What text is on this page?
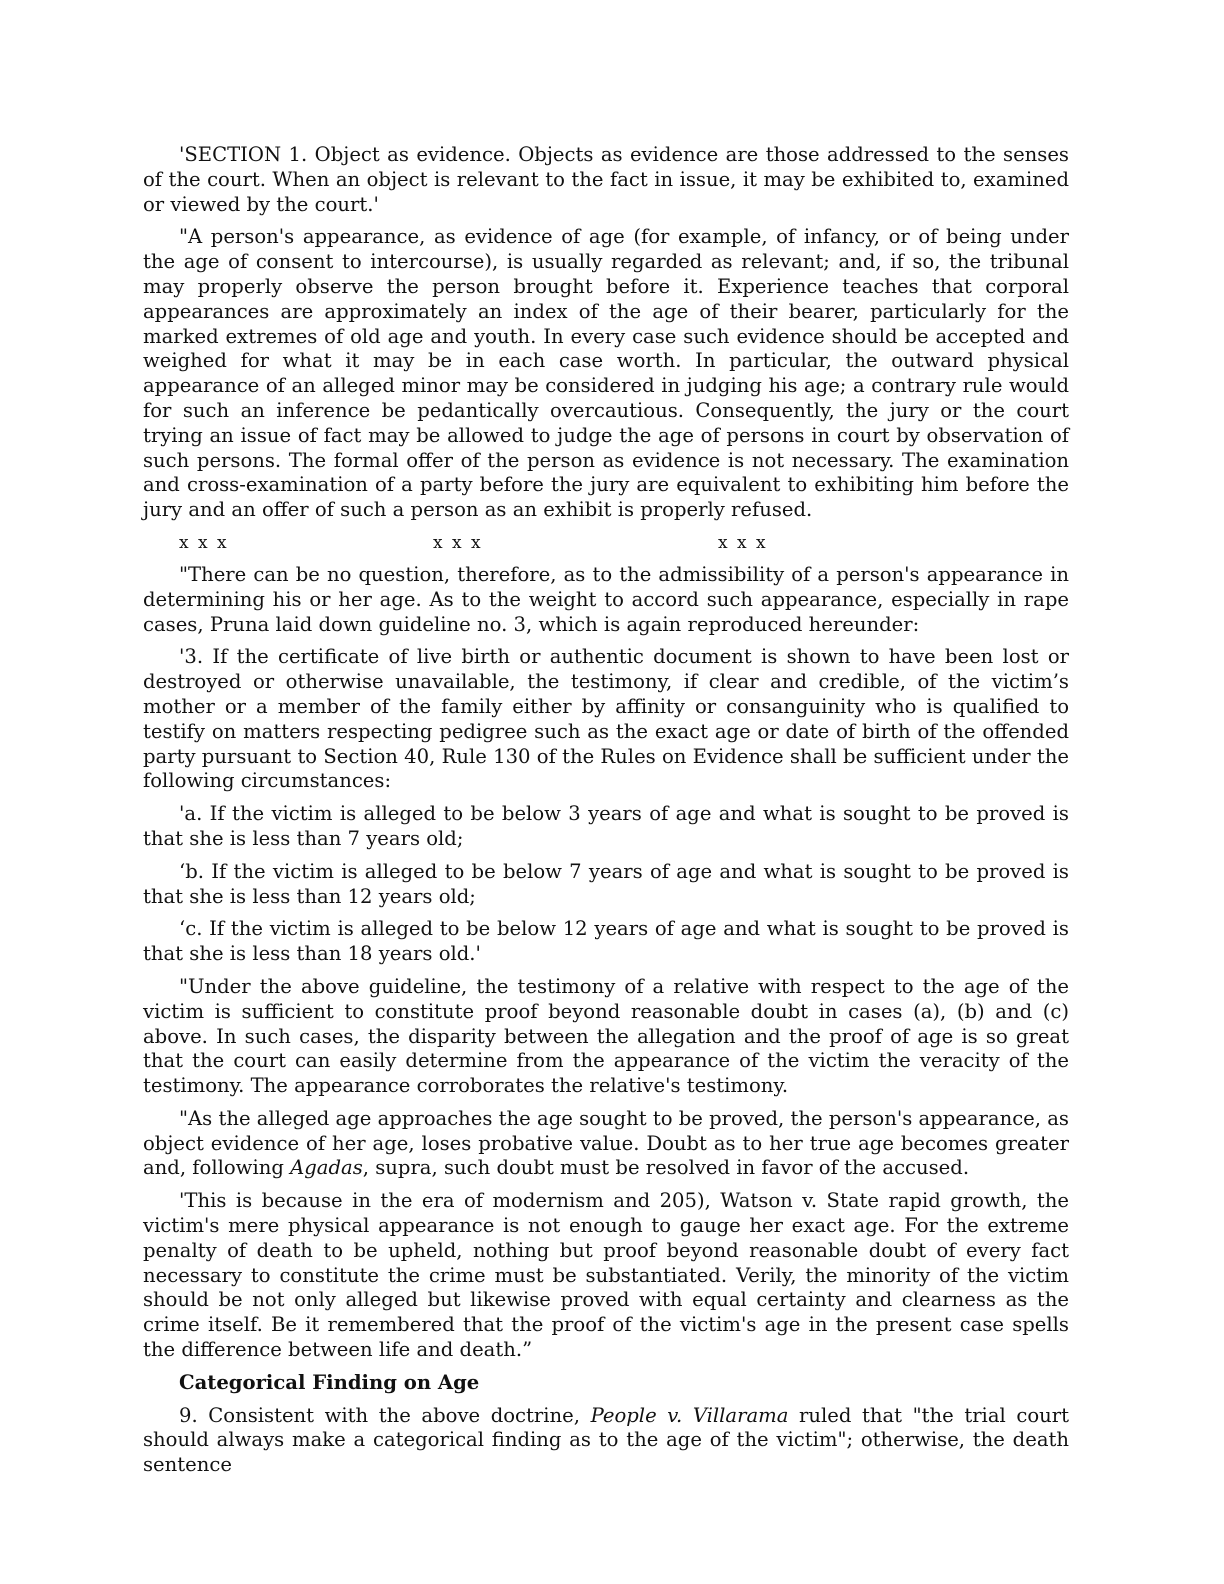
'SECTION 1. Object as evidence. Objects as evidence are those addressed to the senses of the court. When an object is relevant to the fact in issue, it may be exhibited to, examined or viewed by the court.'

"A person's appearance, as evidence of age (for example, of infancy, or of being under the age of consent to intercourse), is usually regarded as relevant; and, if so, the tribunal may properly observe the person brought before it. Experience teaches that corporal appearances are approximately an index of the age of their bearer, particularly for the marked extremes of old age and youth. In every case such evidence should be accepted and weighed for what it may be in each case worth. In particular, the outward physical appearance of an alleged minor may be considered in judging his age; a contrary rule would for such an inference be pedantically overcautious. Consequently, the jury or the court trying an issue of fact may be allowed to judge the age of persons in court by observation of such persons. The formal offer of the person as evidence is not necessary. The examination and cross-examination of a party before the jury are equivalent to exhibiting him before the jury and an offer of such a person as an exhibit is properly refused.

x x x	x x x	x x x

"There can be no question, therefore, as to the admissibility of a person's appearance in determining his or her age. As to the weight to accord such appearance, especially in rape cases, Pruna laid down guideline no. 3, which is again reproduced hereunder:

'3. If the certificate of live birth or authentic document is shown to have been lost or destroyed or otherwise unavailable, the testimony, if clear and credible, of the victim’s mother or a member of the family either by affinity or consanguinity who is qualified to testify on matters respecting pedigree such as the exact age or date of birth of the offended party pursuant to Section 40, Rule 130 of the Rules on Evidence shall be sufficient under the following circumstances:

'a. If the victim is alleged to be below 3 years of age and what is sought to be proved is that she is less than 7 years old;

‘b. If the victim is alleged to be below 7 years of age and what is sought to be proved is that she is less than 12 years old;

‘c. If the victim is alleged to be below 12 years of age and what is sought to be proved is that she is less than 18 years old.'

"Under the above guideline, the testimony of a relative with respect to the age of the victim is sufficient to constitute proof beyond reasonable doubt in cases (a), (b) and (c) above. In such cases, the disparity between the allegation and the proof of age is so great that the court can easily determine from the appearance of the victim the veracity of the testimony. The appearance corroborates the relative's testimony.

"As the alleged age approaches the age sought to be proved, the person's appearance, as object evidence of her age, loses probative value. Doubt as to her true age becomes greater and, following Agadas, supra, such doubt must be resolved in favor of the accused.

'This is because in the era of modernism and 205), Watson v. State rapid growth, the victim's mere physical appearance is not enough to gauge her exact age. For the extreme penalty of death to be upheld, nothing but proof beyond reasonable doubt of every fact necessary to constitute the crime must be substantiated. Verily, the minority of the victim should be not only alleged but likewise proved with equal certainty and clearness as the crime itself. Be it remembered that the proof of the victim's age in the present case spells the difference between life and death.”

Categorical Finding on Age

9. Consistent with the above doctrine, People v. Villarama ruled that "the trial court should always make a categorical finding as to the age of the victim"; otherwise, the death sentence
